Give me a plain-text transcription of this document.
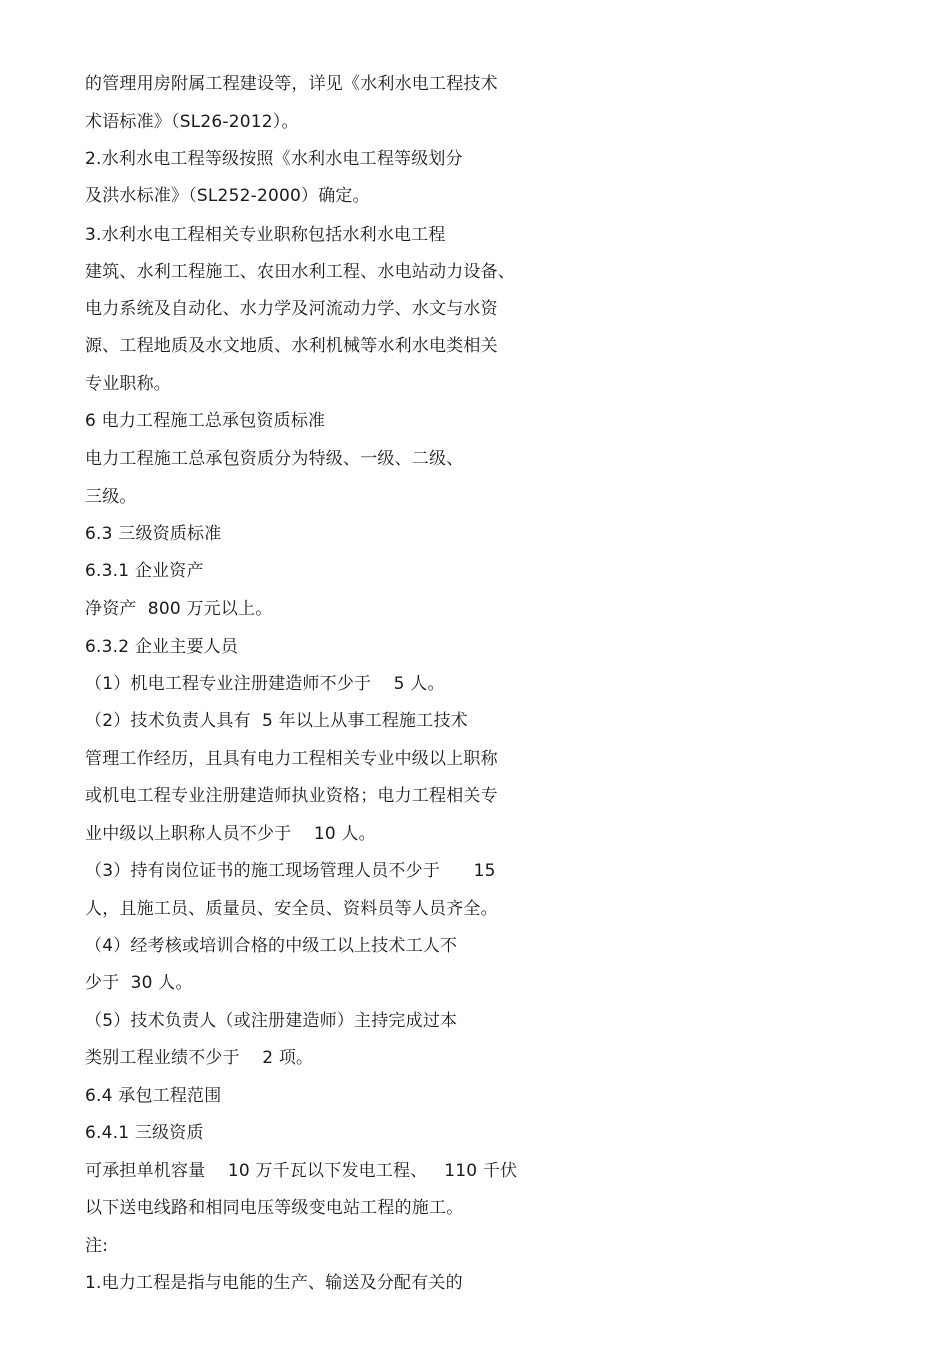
的管理用房附属工程建设等，详见《水利水电工程技术
术语标准》（SL26-2012）。
2.水利水电工程等级按照《水利水电工程等级划分
及洪水标准》（SL252-2000）确定。
3.水利水电工程相关专业职称包括水利水电工程
建筑、水利工程施工、农田水利工程、水电站动力设备、
电力系统及自动化、水力学及河流动力学、水文与水资
源、工程地质及水文地质、水利机械等水利水电类相关
专业职称。
6 电力工程施工总承包资质标准
电力工程施工总承包资质分为特级、一级、二级、
三级。
6.3 三级资质标准
6.3.1 企业资产
净资产  800 万元以上。
6.3.2 企业主要人员
（1）机电工程专业注册建造师不少于    5 人。
（2）技术负责人具有  5 年以上从事工程施工技术
管理工作经历，且具有电力工程相关专业中级以上职称
或机电工程专业注册建造师执业资格；电力工程相关专
业中级以上职称人员不少于    10 人。
（3）持有岗位证书的施工现场管理人员不少于      15
人，且施工员、质量员、安全员、资料员等人员齐全。
（4）经考核或培训合格的中级工以上技术工人不
少于  30 人。
（5）技术负责人（或注册建造师）主持完成过本
类别工程业绩不少于    2 项。
6.4 承包工程范围
6.4.1 三级资质
可承担单机容量    10 万千瓦以下发电工程、   110 千伏
以下送电线路和相同电压等级变电站工程的施工。
注:
1.电力工程是指与电能的生产、输送及分配有关的
